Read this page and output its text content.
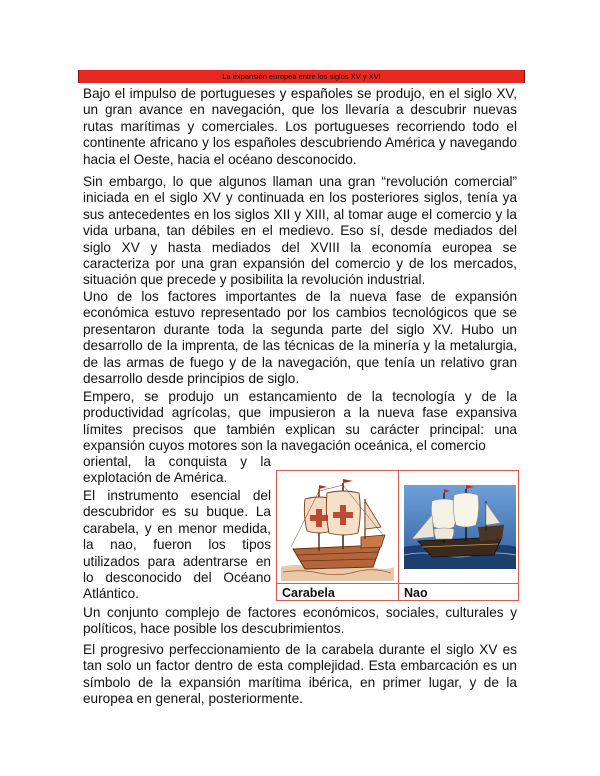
La expansión europea entre los siglos XV y XVI

Bajo el impulso de portugueses y españoles se produjo, en el siglo XV, un gran avance en navegación, que los llevaría a descubrir nuevas rutas marítimas y comerciales. Los portugueses recorriendo todo el continente africano y los españoles descubriendo América y navegando hacia el Oeste, hacia el océano desconocido.

Sin embargo, lo que algunos llaman una gran “revolución comercial” iniciada en el siglo XV y continuada en los posteriores siglos, tenía ya sus antecedentes en los siglos XII y XIII, al tomar auge el comercio y la vida urbana, tan débiles en el medievo. Eso sí, desde mediados del siglo XV y hasta mediados del XVIII la economía europea se caracteriza por una gran expansión del comercio y de los mercados, situación que precede y posibilita la revolución industrial.

Uno de los factores importantes de la nueva fase de expansión económica estuvo representado por los cambios tecnológicos que se presentaron durante toda la segunda parte del siglo XV. Hubo un desarrollo de la imprenta, de las técnicas de la minería y la metalurgia, de las armas de fuego y de la navegación, que tenía un relativo gran desarrollo desde principios de siglo.

Empero, se produjo un estancamiento de la tecnología y de la productividad agrícolas, que impusieron a la nueva fase expansiva límites precisos que también explican su carácter principal: una expansión cuyos motores son la navegación oceánica, el comercio

oriental, la conquista y la explotación de América.

El instrumento esencial del descubridor es su buque. La carabela, y en menor medida, la nao, fueron los tipos utilizados para adentrarse en lo desconocido del Océano Atlántico.	Carabela	Nao

Un conjunto complejo de factores económicos, sociales, culturales y políticos, hace posible los descubrimientos.

El progresivo perfeccionamiento de la carabela durante el siglo XV es tan solo un factor dentro de esta complejidad. Esta embarcación es un símbolo de la expansión marítima ibérica, en primer lugar, y de la europea en general, posteriormente.
